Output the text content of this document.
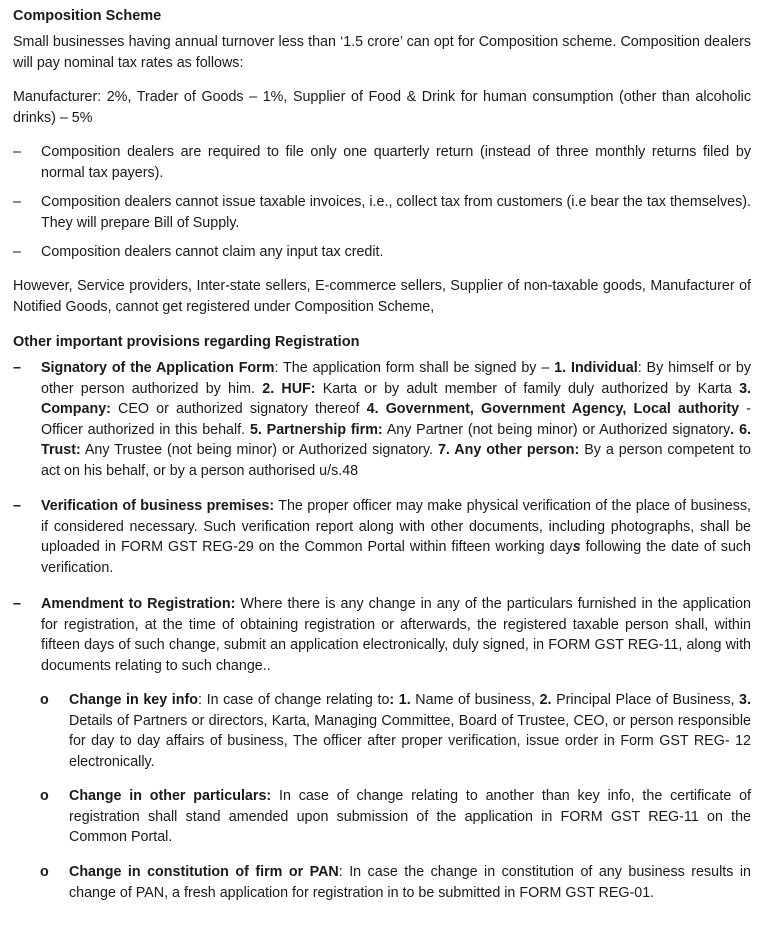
Composition Scheme
Small businesses having annual turnover less than ‘1.5 crore’ can opt for Composition scheme. Composition dealers will pay nominal tax rates as follows:
Manufacturer: 2%, Trader of Goods – 1%, Supplier of Food & Drink for human consumption (other than alcoholic drinks) – 5%
–	Composition dealers are required to file only one quarterly return (instead of three monthly returns filed by normal tax payers).
–	Composition dealers cannot issue taxable invoices, i.e., collect tax from customers (i.e bear the tax themselves). They will prepare Bill of Supply.
–	Composition dealers cannot claim any input tax credit.
However, Service providers, Inter-state sellers, E-commerce sellers, Supplier of non-taxable goods, Manufacturer of Notified Goods, cannot get registered under Composition Scheme,
Other important provisions regarding Registration
–	Signatory of the Application Form: The application form shall be signed by – 1. Individual: By himself or by other person authorized by him. 2. HUF: Karta or by adult member of family duly authorized by Karta 3. Company: CEO or authorized signatory thereof 4. Government, Government Agency, Local authority - Officer authorized in this behalf. 5. Partnership firm: Any Partner (not being minor) or Authorized signatory. 6. Trust: Any Trustee (not being minor) or Authorized signatory. 7. Any other person: By a person competent to act on his behalf, or by a person authorised u/s.48
–	Verification of business premises: The proper officer may make physical verification of the place of business, if considered necessary. Such verification report along with other documents, including photographs, shall be uploaded in FORM GST REG-29 on the Common Portal within fifteen working days following the date of such verification.
–	Amendment to Registration: Where there is any change in any of the particulars furnished in the application for registration, at the time of obtaining registration or afterwards, the registered taxable person shall, within fifteen days of such change, submit an application electronically, duly signed, in FORM GST REG-11, along with documents relating to such change..
o Change in key info: In case of change relating to: 1. Name of business, 2. Principal Place of Business, 3. Details of Partners or directors, Karta, Managing Committee, Board of Trustee, CEO, or person responsible for day to day affairs of business, The officer after proper verification, issue order in Form GST REG- 12 electronically.
o Change in other particulars: In case of change relating to another than key info, the certificate of registration shall stand amended upon submission of the application in FORM GST REG-11 on the Common Portal.
o Change in constitution of firm or PAN: In case the change in constitution of any business results in change of PAN, a fresh application for registration in to be submitted in FORM GST REG-01.
